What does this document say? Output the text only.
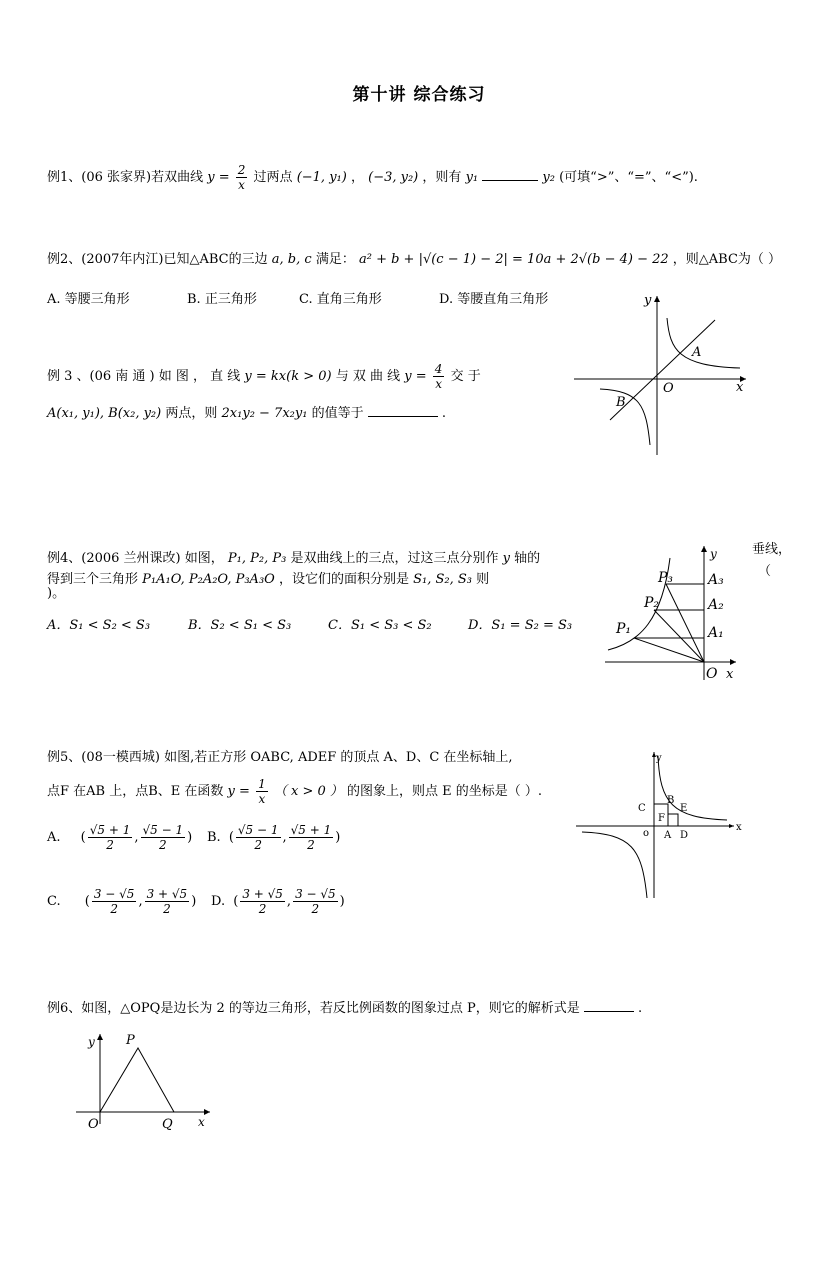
第十讲 综合练习
例1、(06 张家界)若双曲线 $y = \frac{2}{x}$ 过两点 (−1, y₁) ， (−3, y₂) ，则有 y₁	y₂ (可填“>”、“=”、“<”).
例2、(2007年内江)已知△ABC的三边 a, b, c 满足： a² + b + |√(c − 1) − 2| = 10a + 2√(b − 4) − 22 ，则△ABC为（ ）
A. 等腰三角形	B. 正三角形	C. 直角三角形	D. 等腰直角三角形
例 3 、(06 南 通 ) 如 图 ， 直 线 y = kx(k > 0) 与 双 曲 线 $y = \frac{4}{x}$ 交 于
A(x₁, y₁), B(x₂, y₂) 两点，则 2x₁y₂ − 7x₂y₁ 的值等于	.
y
x
O
A
B
例4、(2006 兰州课改) 如图， P₁, P₂, P₃ 是双曲线上的三点，过这三点分别作 y 轴的
得到三个三角形 P₁A₁O, P₂A₂O, P₃A₃O ，设它们的面积分别是 S₁, S₂, S₃ 则
)。
垂线，
（
A．S₁ < S₂ < S₃	B．S₂ < S₁ < S₃	C．S₁ < S₃ < S₂	D．S₁ = S₂ = S₃
y
x
O
P₁
P₂
P₃
A₁
A₂
A₃
例5、(08一模西城) 如图,若正方形 OABC, ADEF 的顶点 A、D、C 在坐标轴上,
点F 在AB 上，点B、E 在函数 $y = \frac{1}{x}$ （ x > 0 ） 的图象上，则点 E 的坐标是（ ）.
A. ( $\frac{√5 + 1}{2}$ , $\frac{√5 - 1}{2}$ ) B. ( $\frac{√5 - 1}{2}$ , $\frac{√5 + 1}{2}$ )
C. ( $\frac{3 - √5}{2}$ , $\frac{3 + √5}{2}$ ) D. ( $\frac{3 + √5}{2}$ , $\frac{3 - √5}{2}$ )
y
x
o A
B
C
D
E
F
例6、如图，△OPQ是边长为 2 的等边三角形，若反比例函数的图象过点 P，则它的解析式是	.
y
x
O
P
Q
